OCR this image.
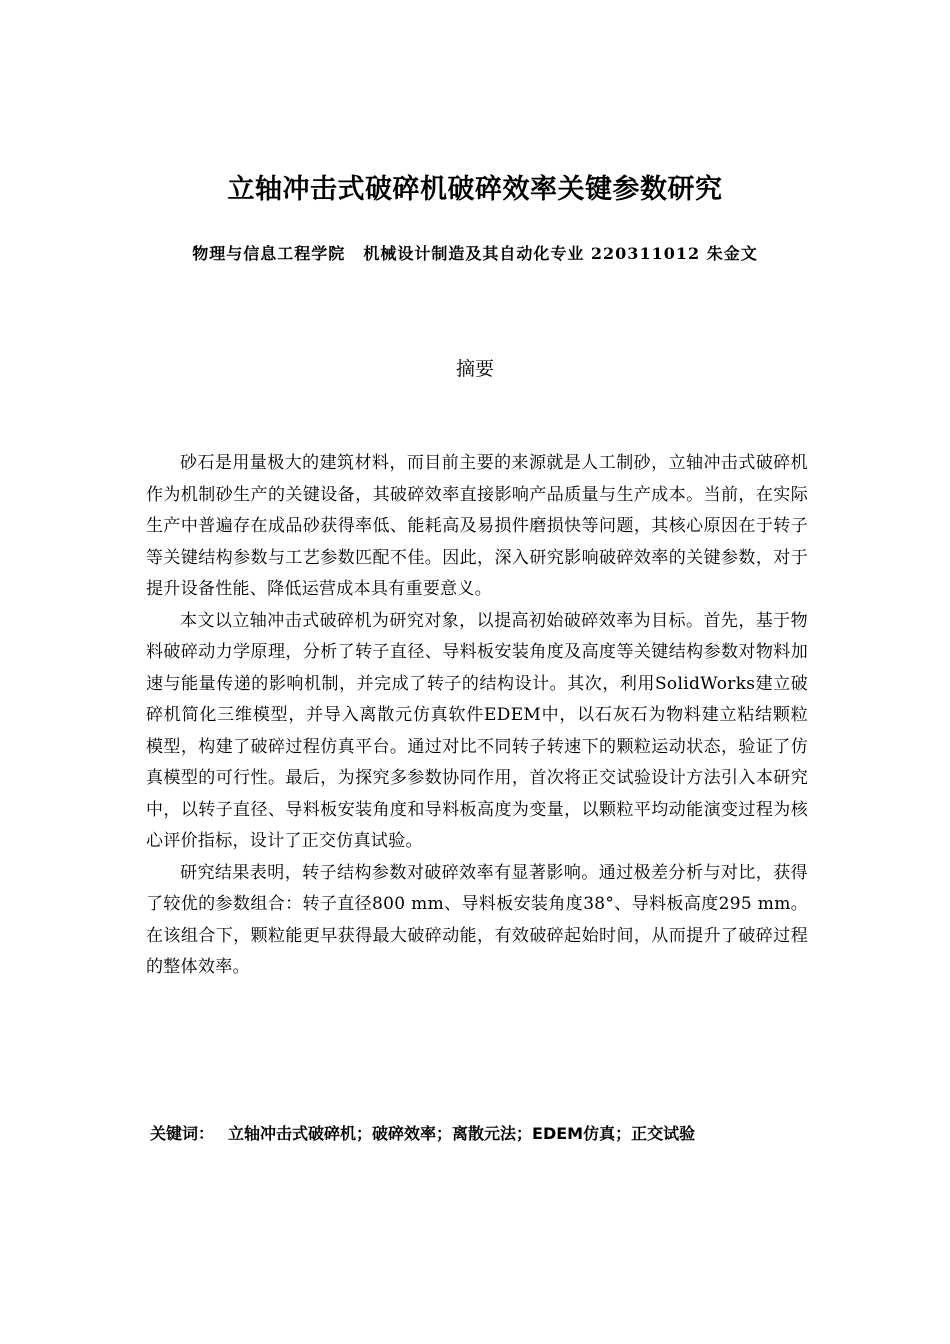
立轴冲击式破碎机破碎效率关键参数研究
物理与信息工程学院 机械设计制造及其自动化专业 220311012 朱金文
摘要

砂石是用量极大的建筑材料，而目前主要的来源就是人工制砂，立轴冲击式破碎机作为机制砂生产的关键设备，其破碎效率直接影响产品质量与生产成本。当前，在实际生产中普遍存在成品砂获得率低、能耗高及易损件磨损快等问题，其核心原因在于转子等关键结构参数与工艺参数匹配不佳。因此，深入研究影响破碎效率的关键参数，对于提升设备性能、降低运营成本具有重要意义。

本文以立轴冲击式破碎机为研究对象，以提高初始破碎效率为目标。首先，基于物料破碎动力学原理，分析了转子直径、导料板安装角度及高度等关键结构参数对物料加速与能量传递的影响机制，并完成了转子的结构设计。其次，利用SolidWorks建立破碎机简化三维模型，并导入离散元仿真软件EDEM中，以石灰石为物料建立粘结颗粒模型，构建了破碎过程仿真平台。通过对比不同转子转速下的颗粒运动状态，验证了仿真模型的可行性。最后，为探究多参数协同作用，首次将正交试验设计方法引入本研究中，以转子直径、导料板安装角度和导料板高度为变量，以颗粒平均动能演变过程为核心评价指标，设计了正交仿真试验。

研究结果表明，转子结构参数对破碎效率有显著影响。通过极差分析与对比，获得了较优的参数组合：转子直径800 mm、导料板安装角度38°、导料板高度295 mm。在该组合下，颗粒能更早获得最大破碎动能，有效破碎起始时间，从而提升了破碎过程的整体效率。

关键词： 立轴冲击式破碎机；破碎效率；离散元法；EDEM仿真；正交试验
